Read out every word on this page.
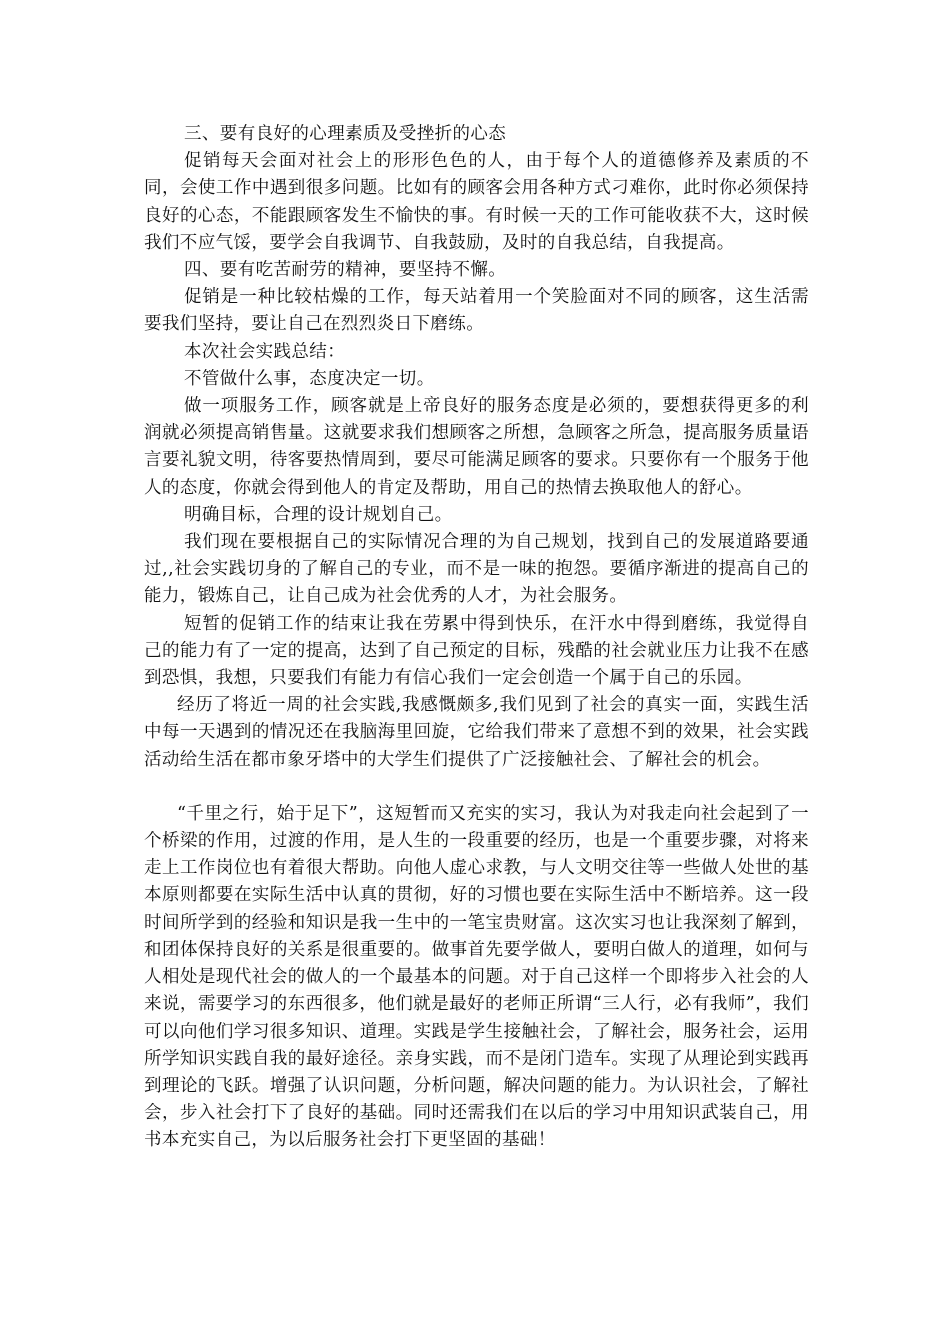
三、要有良好的心理素质及受挫折的心态

促销每天会面对社会上的形形色色的人，由于每个人的道德修养及素质的不同，会使工作中遇到很多问题。比如有的顾客会用各种方式刁难你，此时你必须保持良好的心态，不能跟顾客发生不愉快的事。有时候一天的工作可能收获不大，这时候我们不应气馁，要学会自我调节、自我鼓励，及时的自我总结，自我提高。

四、要有吃苦耐劳的精神，要坚持不懈。

促销是一种比较枯燥的工作，每天站着用一个笑脸面对不同的顾客，这生活需要我们坚持，要让自己在烈烈炎日下磨练。

本次社会实践总结：

不管做什么事，态度决定一切。

做一项服务工作，顾客就是上帝良好的服务态度是必须的，要想获得更多的利润就必须提高销售量。这就要求我们想顾客之所想，急顾客之所急，提高服务质量语言要礼貌文明，待客要热情周到，要尽可能满足顾客的要求。只要你有一个服务于他人的态度，你就会得到他人的肯定及帮助，用自己的热情去换取他人的舒心。

明确目标，合理的设计规划自己。

我们现在要根据自己的实际情况合理的为自己规划，找到自己的发展道路要通过,,社会实践切身的了解自己的专业，而不是一味的抱怨。要循序渐进的提高自己的能力，锻炼自己，让自己成为社会优秀的人才，为社会服务。

短暂的促销工作的结束让我在劳累中得到快乐，在汗水中得到磨练，我觉得自己的能力有了一定的提高，达到了自己预定的目标，残酷的社会就业压力让我不在感到恐惧，我想，只要我们有能力有信心我们一定会创造一个属于自己的乐园。

经历了将近一周的社会实践,我感慨颇多,我们见到了社会的真实一面，实践生活中每一天遇到的情况还在我脑海里回旋，它给我们带来了意想不到的效果，社会实践活动给生活在都市象牙塔中的大学生们提供了广泛接触社会、了解社会的机会。

“千里之行，始于足下”，这短暂而又充实的实习，我认为对我走向社会起到了一个桥梁的作用，过渡的作用，是人生的一段重要的经历，也是一个重要步骤，对将来走上工作岗位也有着很大帮助。向他人虚心求教，与人文明交往等一些做人处世的基本原则都要在实际生活中认真的贯彻，好的习惯也要在实际生活中不断培养。这一段时间所学到的经验和知识是我一生中的一笔宝贵财富。这次实习也让我深刻了解到，和团体保持良好的关系是很重要的。做事首先要学做人，要明白做人的道理，如何与人相处是现代社会的做人的一个最基本的问题。对于自己这样一个即将步入社会的人来说，需要学习的东西很多，他们就是最好的老师正所谓“三人行，必有我师”，我们可以向他们学习很多知识、道理。实践是学生接触社会，了解社会，服务社会，运用所学知识实践自我的最好途径。亲身实践，而不是闭门造车。实现了从理论到实践再到理论的飞跃。增强了认识问题，分析问题，解决问题的能力。为认识社会，了解社会，步入社会打下了良好的基础。同时还需我们在以后的学习中用知识武装自己，用书本充实自己，为以后服务社会打下更坚固的基础！
